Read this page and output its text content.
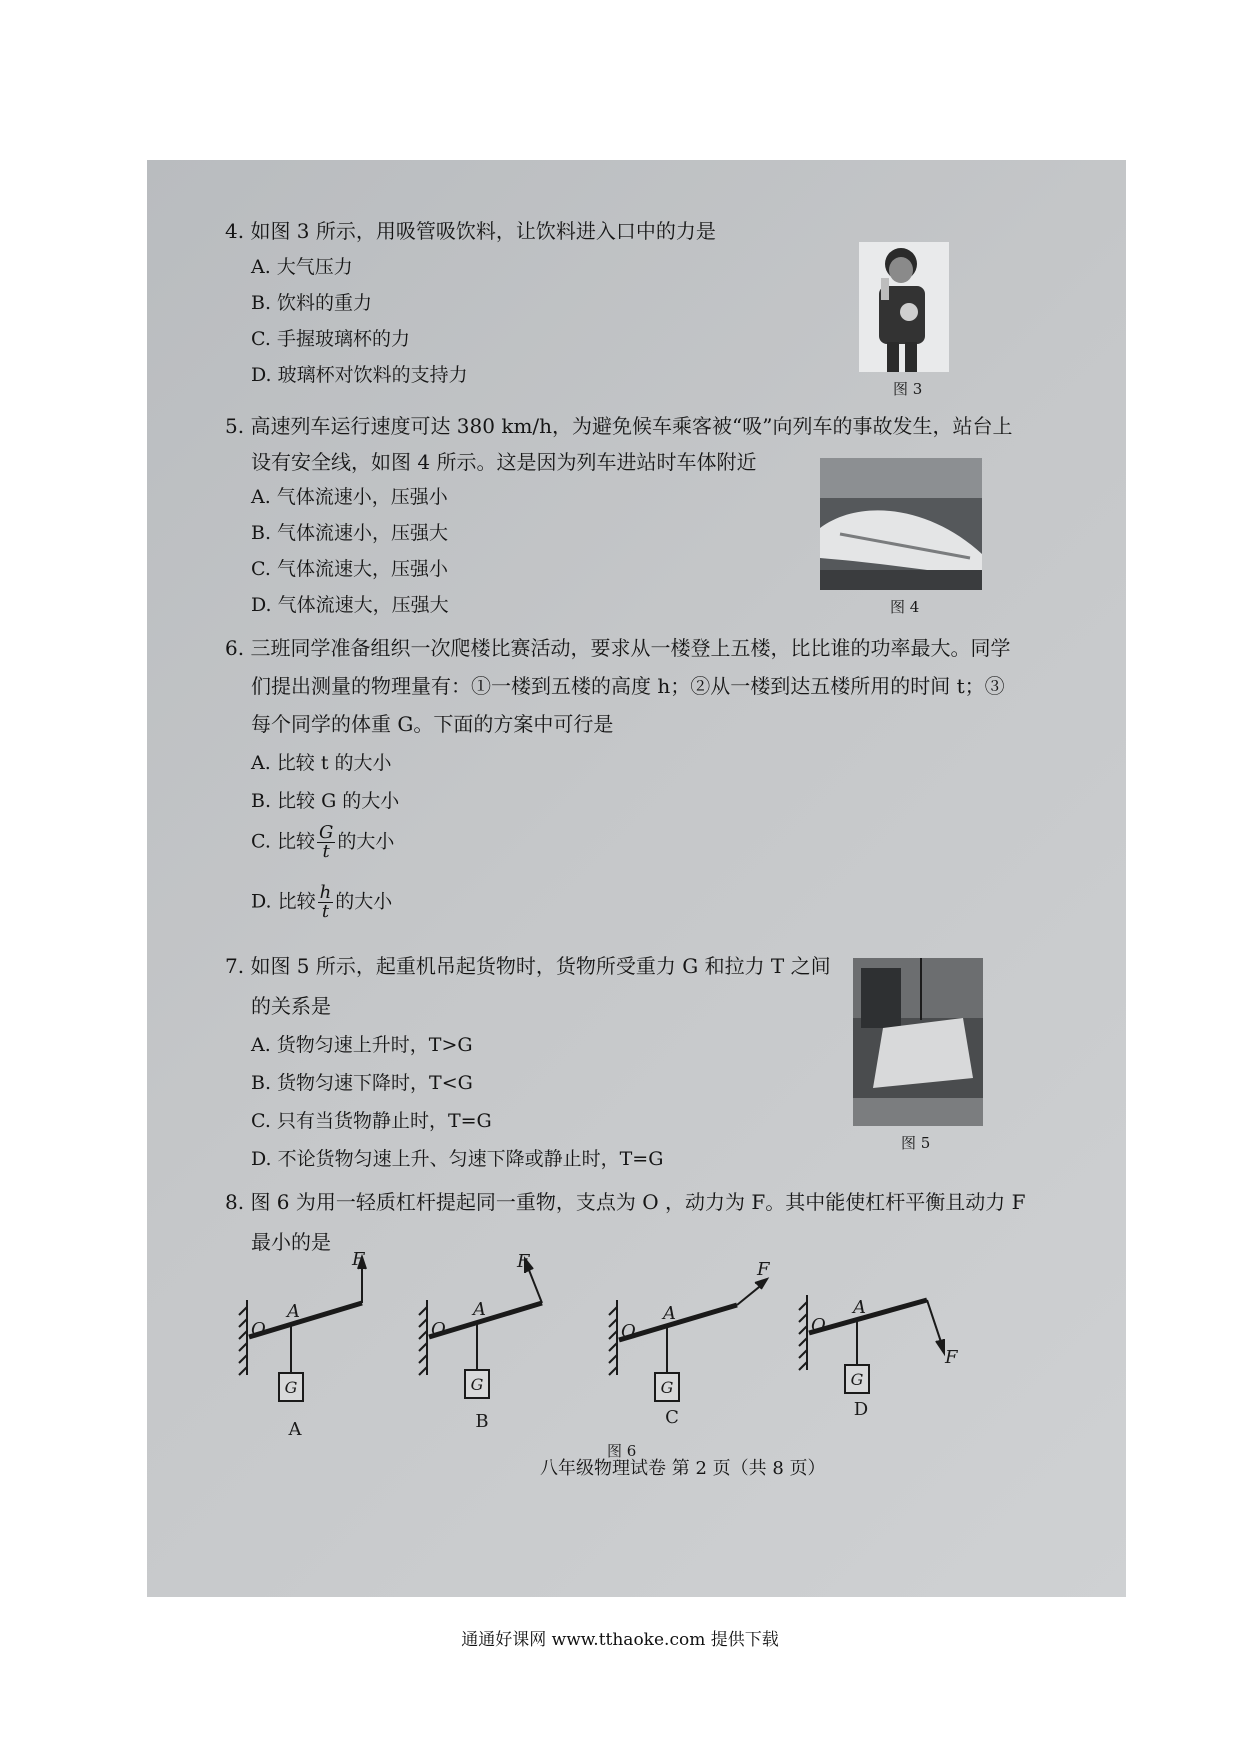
4. 如图 3 所示，用吸管吸饮料，让饮料进入口中的力是
A. 大气压力
B. 饮料的重力
C. 手握玻璃杯的力
D. 玻璃杯对饮料的支持力
图 3
5. 高速列车运行速度可达 380 km/h，为避免候车乘客被“吸”向列车的事故发生，站台上
设有安全线，如图 4 所示。这是因为列车进站时车体附近
A. 气体流速小，压强小
B. 气体流速小，压强大
C. 气体流速大，压强小
D. 气体流速大，压强大	图 4
6. 三班同学准备组织一次爬楼比赛活动，要求从一楼登上五楼，比比谁的功率最大。同学
们提出测量的物理量有：①一楼到五楼的高度 h；②从一楼到达五楼所用的时间 t；③
每个同学的体重 G。下面的方案中可行是
A. 比较 t 的大小
B. 比较 G 的大小
C. 比较 $\frac{G}{t}$ 的大小
D. 比较 $\frac{h}{t}$ 的大小
7. 如图 5 所示，起重机吊起货物时，货物所受重力 G 和拉力 T 之间
的关系是
A. 货物匀速上升时，T>G
B. 货物匀速下降时，T<G
C. 只有当货物静止时，T=G
D. 不论货物匀速上升、匀速下降或静止时，T=G
图 5
8. 图 6 为用一轻质杠杆提起同一重物，支点为 O ，动力为 F。其中能使杠杆平衡且动力 F
最小的是
F
O
A
F
O
A
F
O
A
F
O
A
G	G	G	G
A	B	C	D
图 6
八年级物理试卷 第 2 页（共 8 页）
通通好课网 www.tthaoke.com 提供下载
